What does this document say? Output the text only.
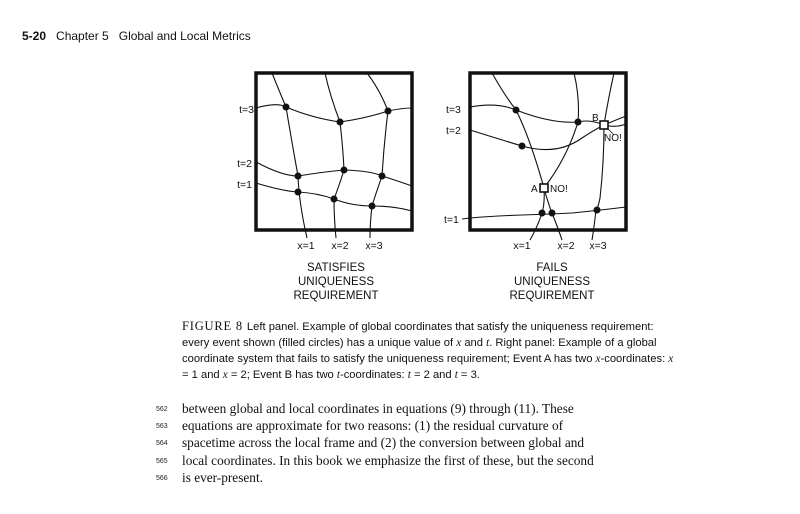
5-20 Chapter 5 Global and Local Metrics
t=3
t=2
t=1
x=1 x=2 x=3
SATISFIES
UNIQUENESS
REQUIREMENT
t=3
t=2
t=1
x=1	x=2 x=3
A NO!
B
NO!
FAILS
UNIQUENESS
REQUIREMENT
FIGURE 8 Left panel. Example of global coordinates that satisfy the uniqueness requirement: every event shown (filled circles) has a unique value of x and t. Right panel: Example of a global coordinate system that fails to satisfy the uniqueness requirement; Event A has two x-coordinates: x = 1 and x = 2; Event B has two t-coordinates: t = 2 and t = 3.
562 between global and local coordinates in equations (9) through (11). These
563 equations are approximate for two reasons: (1) the residual curvature of
564 spacetime across the local frame and (2) the conversion between global and
565 local coordinates. In this book we emphasize the first of these, but the second
566 is ever-present.
